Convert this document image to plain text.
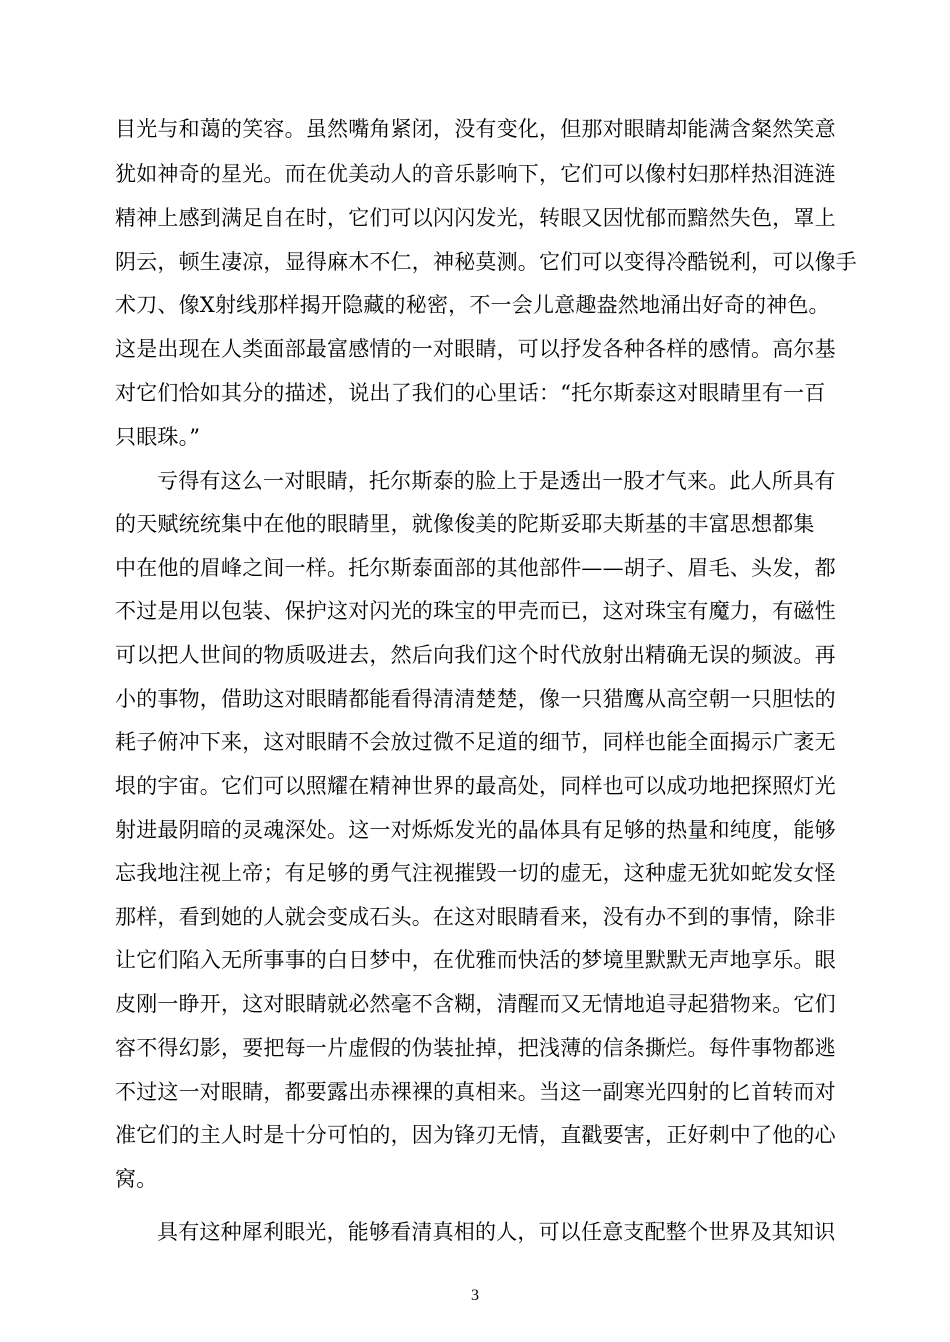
目光与和蔼的笑容。虽然嘴角紧闭，没有变化，但那对眼睛却能满含粲然笑意
犹如神奇的星光。而在优美动人的音乐影响下，它们可以像村妇那样热泪涟涟
精神上感到满足自在时，它们可以闪闪发光，转眼又因忧郁而黯然失色，罩上
阴云，顿生凄凉，显得麻木不仁，神秘莫测。它们可以变得冷酷锐利，可以像手
术刀、像X射线那样揭开隐藏的秘密，不一会儿意趣盎然地涌出好奇的神色。
这是出现在人类面部最富感情的一对眼睛，可以抒发各种各样的感情。高尔基
对它们恰如其分的描述，说出了我们的心里话：“托尔斯泰这对眼睛里有一百
只眼珠。”
亏得有这么一对眼睛，托尔斯泰的脸上于是透出一股才气来。此人所具有
的天赋统统集中在他的眼睛里，就像俊美的陀斯妥耶夫斯基的丰富思想都集
中在他的眉峰之间一样。托尔斯泰面部的其他部件——胡子、眉毛、头发，都
不过是用以包装、保护这对闪光的珠宝的甲壳而已，这对珠宝有魔力，有磁性
可以把人世间的物质吸进去，然后向我们这个时代放射出精确无误的频波。再
小的事物，借助这对眼睛都能看得清清楚楚，像一只猎鹰从高空朝一只胆怯的
耗子俯冲下来，这对眼睛不会放过微不足道的细节，同样也能全面揭示广袤无
垠的宇宙。它们可以照耀在精神世界的最高处，同样也可以成功地把探照灯光
射进最阴暗的灵魂深处。这一对烁烁发光的晶体具有足够的热量和纯度，能够
忘我地注视上帝；有足够的勇气注视摧毁一切的虚无，这种虚无犹如蛇发女怪
那样，看到她的人就会变成石头。在这对眼睛看来，没有办不到的事情，除非
让它们陷入无所事事的白日梦中，在优雅而快活的梦境里默默无声地享乐。眼
皮刚一睁开，这对眼睛就必然毫不含糊，清醒而又无情地追寻起猎物来。它们
容不得幻影，要把每一片虚假的伪装扯掉，把浅薄的信条撕烂。每件事物都逃
不过这一对眼睛，都要露出赤裸裸的真相来。当这一副寒光四射的匕首转而对
准它们的主人时是十分可怕的，因为锋刃无情，直戳要害，正好刺中了他的心
窝。
具有这种犀利眼光，能够看清真相的人，可以任意支配整个世界及其知识
3
